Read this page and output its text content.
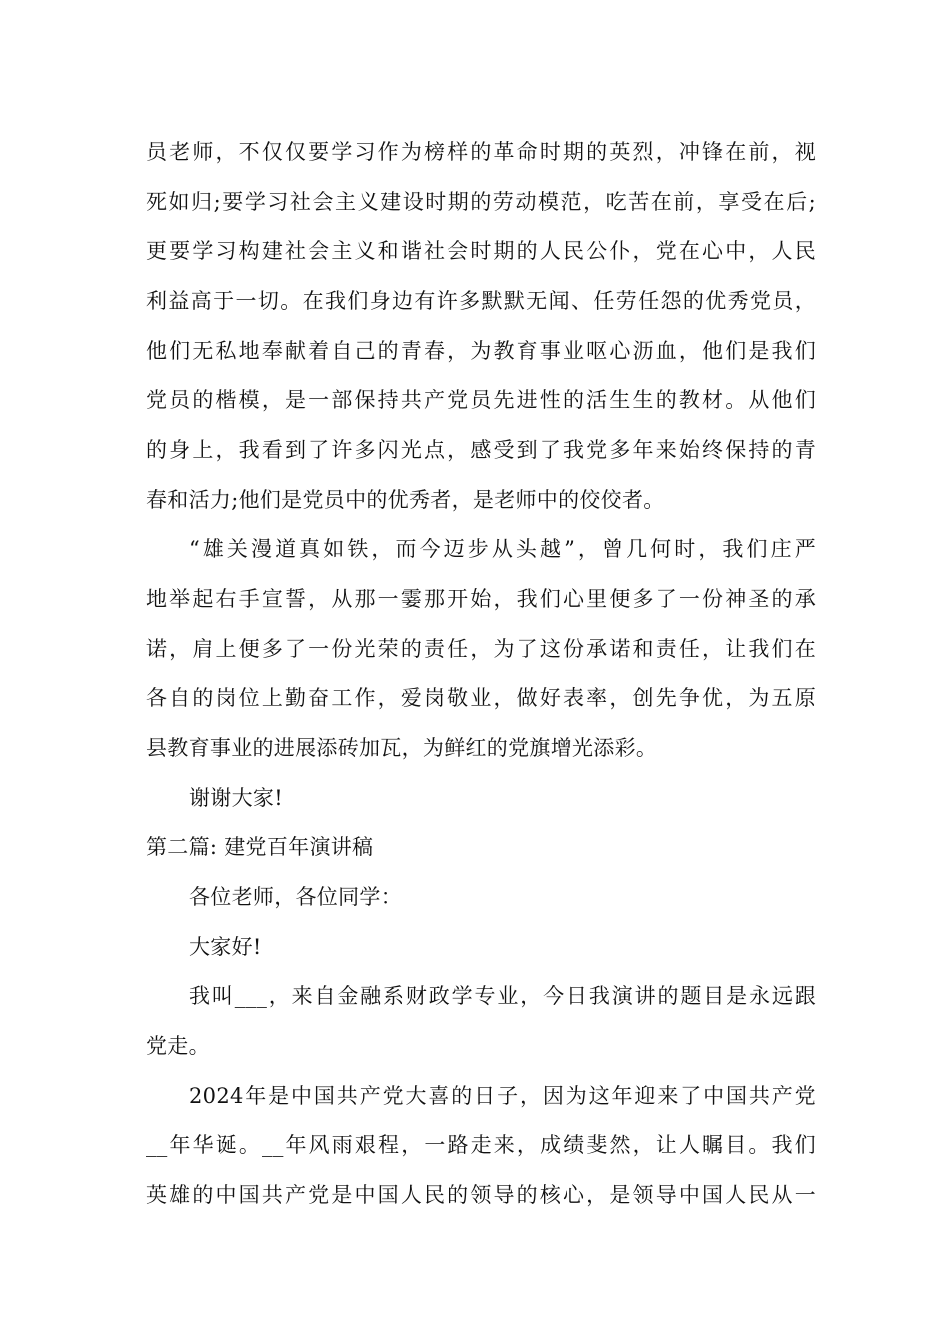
员老师，不仅仅要学习作为榜样的革命时期的英烈，冲锋在前，视
死如归;要学习社会主义建设时期的劳动模范，吃苦在前，享受在后;
更要学习构建社会主义和谐社会时期的人民公仆，党在心中，人民
利益高于一切。在我们身边有许多默默无闻、任劳任怨的优秀党员，
他们无私地奉献着自己的青春，为教育事业呕心沥血，他们是我们
党员的楷模，是一部保持共产党员先进性的活生生的教材。从他们
的身上，我看到了许多闪光点，感受到了我党多年来始终保持的青
春和活力;他们是党员中的优秀者，是老师中的佼佼者。
“雄关漫道真如铁，而今迈步从头越”，曾几何时，我们庄严
地举起右手宣誓，从那一霎那开始，我们心里便多了一份神圣的承
诺，肩上便多了一份光荣的责任，为了这份承诺和责任，让我们在
各自的岗位上勤奋工作，爱岗敬业，做好表率，创先争优，为五原
县教育事业的进展添砖加瓦，为鲜红的党旗增光添彩。
谢谢大家!
第二篇: 建党百年演讲稿
各位老师，各位同学：
大家好!
我叫___，来自金融系财政学专业，今日我演讲的题目是永远跟
党走。
2024年是中国共产党大喜的日子，因为这年迎来了中国共产党
__年华诞。__年风雨艰程，一路走来，成绩斐然，让人瞩目。我们
英雄的中国共产党是中国人民的领导的核心，是领导中国人民从一
